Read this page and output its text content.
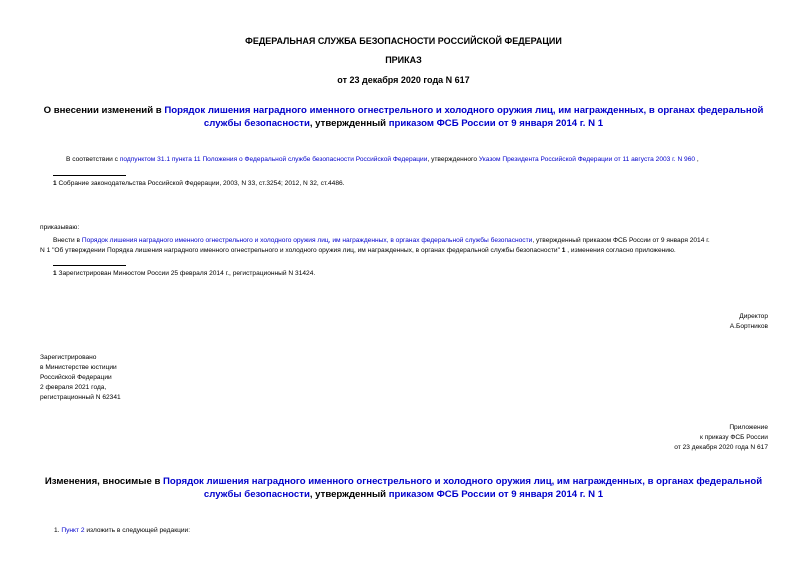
ФЕДЕРАЛЬНАЯ СЛУЖБА БЕЗОПАСНОСТИ РОССИЙСКОЙ ФЕДЕРАЦИИ
ПРИКАЗ
от 23 декабря 2020 года N 617
О внесении изменений в Порядок лишения наградного именного огнестрельного и холодного оружия лиц, им награжденных, в органах федеральной службы безопасности, утвержденный приказом ФСБ России от 9 января 2014 г. N 1
В соответствии с подпунктом 31.1 пункта 11 Положения о Федеральной службе безопасности Российской Федерации, утвержденного Указом Президента Российской Федерации от 11 августа 2003 г. N 960 ,
1 Собрание законодательства Российской Федерации, 2003, N 33, ст.3254; 2012, N 32, ст.4486.
приказываю:
Внести в Порядок лишения наградного именного огнестрельного и холодного оружия лиц, им награжденных, в органах федеральной службы безопасности, утвержденный приказом ФСБ России от 9 января 2014 г.
N 1 "Об утверждении Порядка лишения наградного именного огнестрельного и холодного оружия лиц, им награжденных, в органах федеральной службы безопасности" 1 , изменения согласно приложению.
1 Зарегистрирован Минюстом России 25 февраля 2014 г., регистрационный N 31424.
Директор
А.Бортников
Зарегистрировано
в Министерстве юстиции
Российской Федерации
2 февраля 2021 года,
регистрационный N 62341
Приложение
к приказу ФСБ России
от 23 декабря 2020 года N 617
Изменения, вносимые в Порядок лишения наградного именного огнестрельного и холодного оружия лиц, им награжденных, в органах федеральной службы безопасности, утвержденный приказом ФСБ России от 9 января 2014 г. N 1
1. Пункт 2 изложить в следующей редакции:
